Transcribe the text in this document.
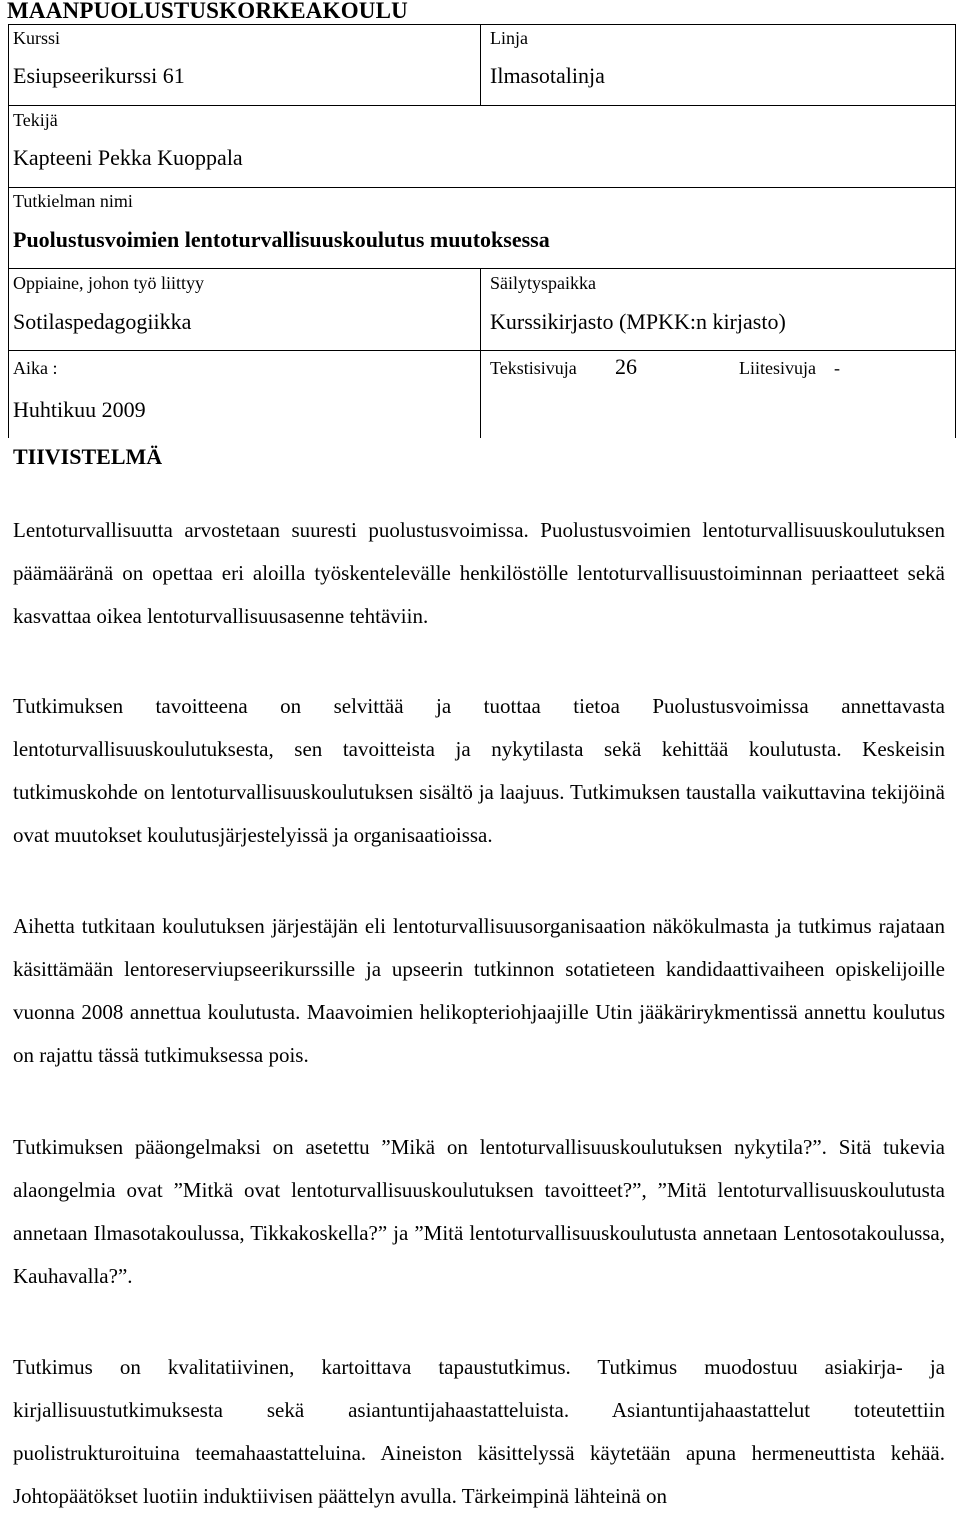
MAANPUOLUSTUSKORKEAKOULU
Kurssi
Esiupseerikurssi 61
Linja
Ilmasotalinja
Tekijä
Kapteeni Pekka Kuoppala
Tutkielman nimi
Puolustusvoimien lentoturvallisuuskoulutus muutoksessa
Oppiaine, johon työ liittyy
Sotilaspedagogiikka
Säilytyspaikka
Kurssikirjasto (MPKK:n kirjasto)
Aika :
Huhtikuu 2009
Tekstisivuja 26	Liitesivuja -
TIIVISTELMÄ
Lentoturvallisuutta arvostetaan suuresti puolustusvoimissa. Puolustusvoimien lentoturvallisuuskoulutuksen päämääränä on opettaa eri aloilla työskentelevälle henkilöstölle lentoturvallisuustoiminnan periaatteet sekä kasvattaa oikea lentoturvallisuusasenne tehtäviin.
Tutkimuksen tavoitteena on selvittää ja tuottaa tietoa Puolustusvoimissa annettavasta lentoturvallisuuskoulutuksesta, sen tavoitteista ja nykytilasta sekä kehittää koulutusta. Keskeisin tutkimuskohde on lentoturvallisuuskoulutuksen sisältö ja laajuus. Tutkimuksen taustalla vaikuttavina tekijöinä ovat muutokset koulutusjärjestelyissä ja organisaatioissa.
Aihetta tutkitaan koulutuksen järjestäjän eli lentoturvallisuusorganisaation näkökulmasta ja tutkimus rajataan käsittämään lentoreserviupseerikurssille ja upseerin tutkinnon sotatieteen kandidaattivaiheen opiskelijoille vuonna 2008 annettua koulutusta. Maavoimien helikopteriohjaajille Utin jääkärirykmentissä annettu koulutus on rajattu tässä tutkimuksessa pois.
Tutkimuksen pääongelmaksi on asetettu ”Mikä on lentoturvallisuuskoulutuksen nykytila?”. Sitä tukevia alaongelmia ovat ”Mitkä ovat lentoturvallisuuskoulutuksen tavoitteet?”, ”Mitä lentoturvallisuuskoulutusta annetaan Ilmasotakoulussa, Tikkakoskella?” ja ”Mitä lentoturvallisuuskoulutusta annetaan Lentosotakoulussa, Kauhavalla?”.
Tutkimus on kvalitatiivinen, kartoittava tapaustutkimus. Tutkimus muodostuu asiakirja- ja kirjallisuustutkimuksesta sekä asiantuntijahaastatteluista. Asiantuntijahaastattelut toteutettiin puolistrukturoituina teemahaastatteluina. Aineiston käsittelyssä käytetään apuna hermeneuttista kehää. Johtopäätökset luotiin induktiivisen päättelyn avulla. Tärkeimpinä lähteinä on
